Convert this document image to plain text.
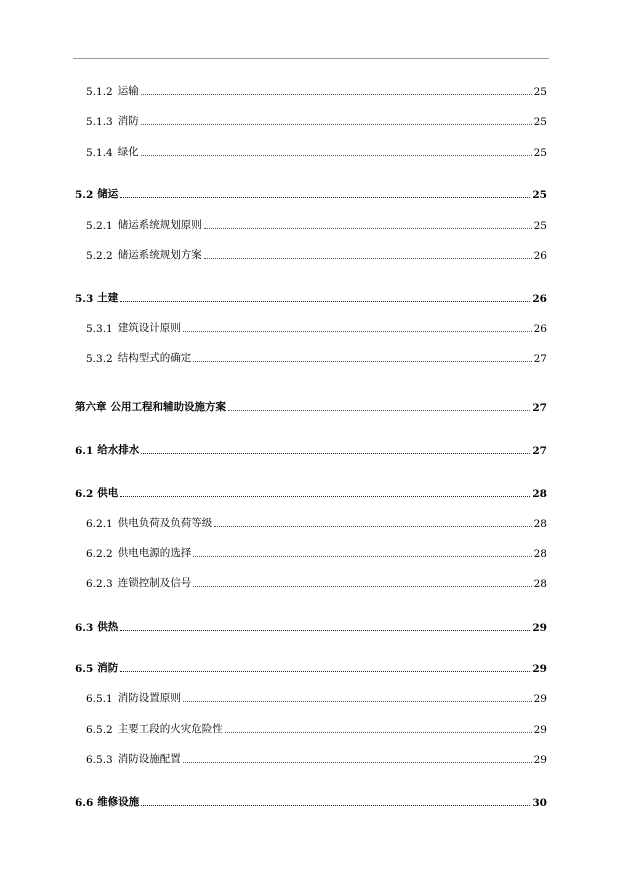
5.1.2 运输	25
5.1.3 消防	25
5.1.4 绿化	25
5.2 储运	25
5.2.1 储运系统规划原则	25
5.2.2 储运系统规划方案	26
5.3 土建	26
5.3.1 建筑设计原则	26
5.3.2 结构型式的确定	27
第六章 公用工程和辅助设施方案	27
6.1 给水排水	27
6.2 供电	28
6.2.1 供电负荷及负荷等级	28
6.2.2 供电电源的选择	28
6.2.3 连锁控制及信号	28
6.3 供热	29
6.5 消防	29
6.5.1 消防设置原则	29
6.5.2 主要工段的火灾危险性	29
6.5.3 消防设施配置	29
6.6 维修设施	30
